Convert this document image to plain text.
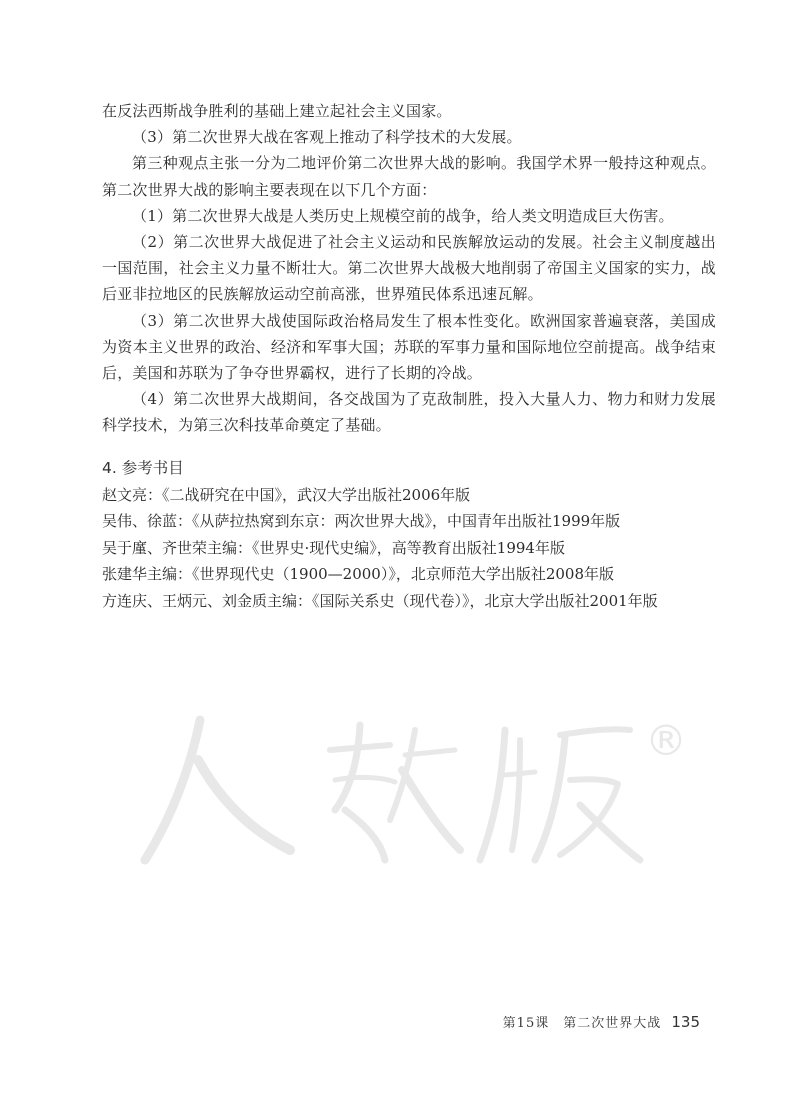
在反法西斯战争胜利的基础上建立起社会主义国家。

（3）第二次世界大战在客观上推动了科学技术的大发展。

第三种观点主张一分为二地评价第二次世界大战的影响。我国学术界一般持这种观点。第二次世界大战的影响主要表现在以下几个方面：

（1）第二次世界大战是人类历史上规模空前的战争，给人类文明造成巨大伤害。

（2）第二次世界大战促进了社会主义运动和民族解放运动的发展。社会主义制度越出一国范围，社会主义力量不断壮大。第二次世界大战极大地削弱了帝国主义国家的实力，战后亚非拉地区的民族解放运动空前高涨，世界殖民体系迅速瓦解。

（3）第二次世界大战使国际政治格局发生了根本性变化。欧洲国家普遍衰落，美国成为资本主义世界的政治、经济和军事大国；苏联的军事力量和国际地位空前提高。战争结束后，美国和苏联为了争夺世界霸权，进行了长期的冷战。

（4）第二次世界大战期间，各交战国为了克敌制胜，投入大量人力、物力和财力发展科学技术，为第三次科技革命奠定了基础。

4. 参考书目

赵文亮：《二战研究在中国》，武汉大学出版社2006年版

吴伟、徐蓝：《从萨拉热窝到东京：两次世界大战》，中国青年出版社1999年版

吴于廑、齐世荣主编：《世界史·现代史编》，高等教育出版社1994年版

张建华主编：《世界现代史（1900—2000）》，北京师范大学出版社2008年版

方连庆、王炳元、刘金质主编：《国际关系史（现代卷）》，北京大学出版社2001年版

®
第15课　第二次世界大战 135
